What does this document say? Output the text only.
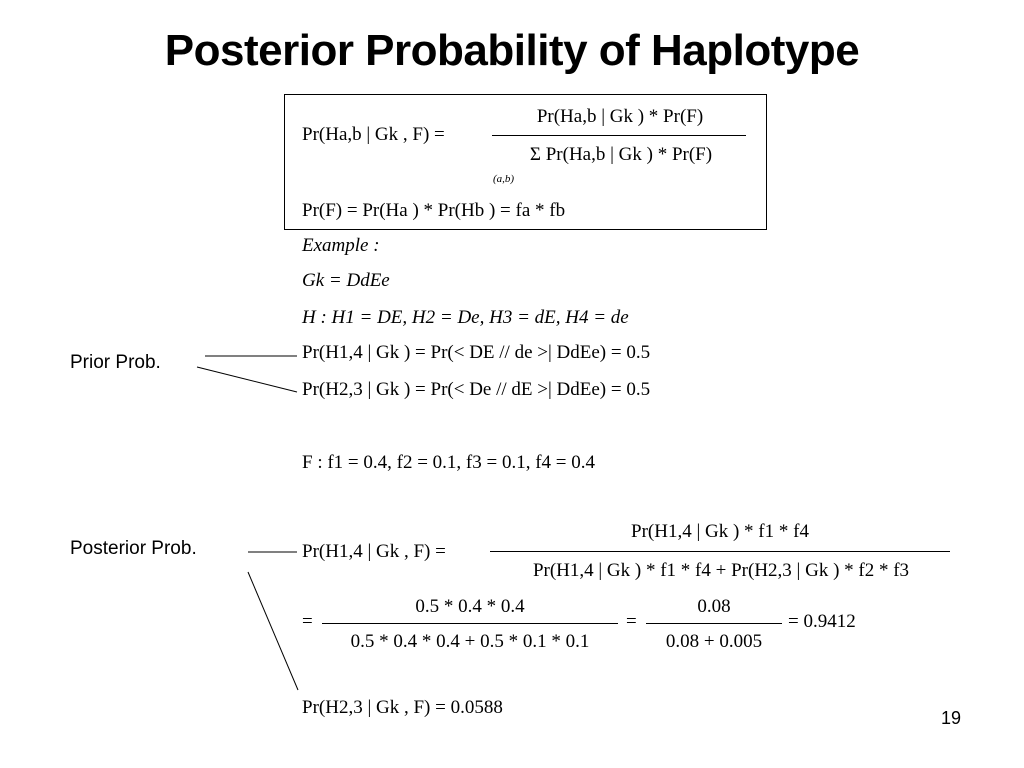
Posterior Probability of Haplotype
Pr(Ha,b | Gk , F) =
Pr(Ha,b | Gk ) * Pr(F)
Σ Pr(Ha,b | Gk ) * Pr(F)
(a,b)
Pr(F) = Pr(Ha ) * Pr(Hb ) = fa * fb
Example :
Gk = DdEe
H : H1 = DE, H2 = De, H3 = dE, H4 = de
Pr(H1,4 | Gk ) = Pr(< DE // de >| DdEe) = 0.5
Pr(H2,3 | Gk ) = Pr(< De // dE >| DdEe) = 0.5
F : f1 = 0.4, f2 = 0.1, f3 = 0.1, f4 = 0.4
Pr(H1,4 | Gk , F) =
Pr(H1,4 | Gk ) * f1 * f4
Pr(H1,4 | Gk ) * f1 * f4 + Pr(H2,3 | Gk ) * f2 * f3
=
0.5 * 0.4 * 0.4
0.5 * 0.4 * 0.4 + 0.5 * 0.1 * 0.1
=
0.08
0.08 + 0.005
= 0.9412
Pr(H2,3 | Gk , F) = 0.0588
Prior Prob.
Posterior Prob.
19
